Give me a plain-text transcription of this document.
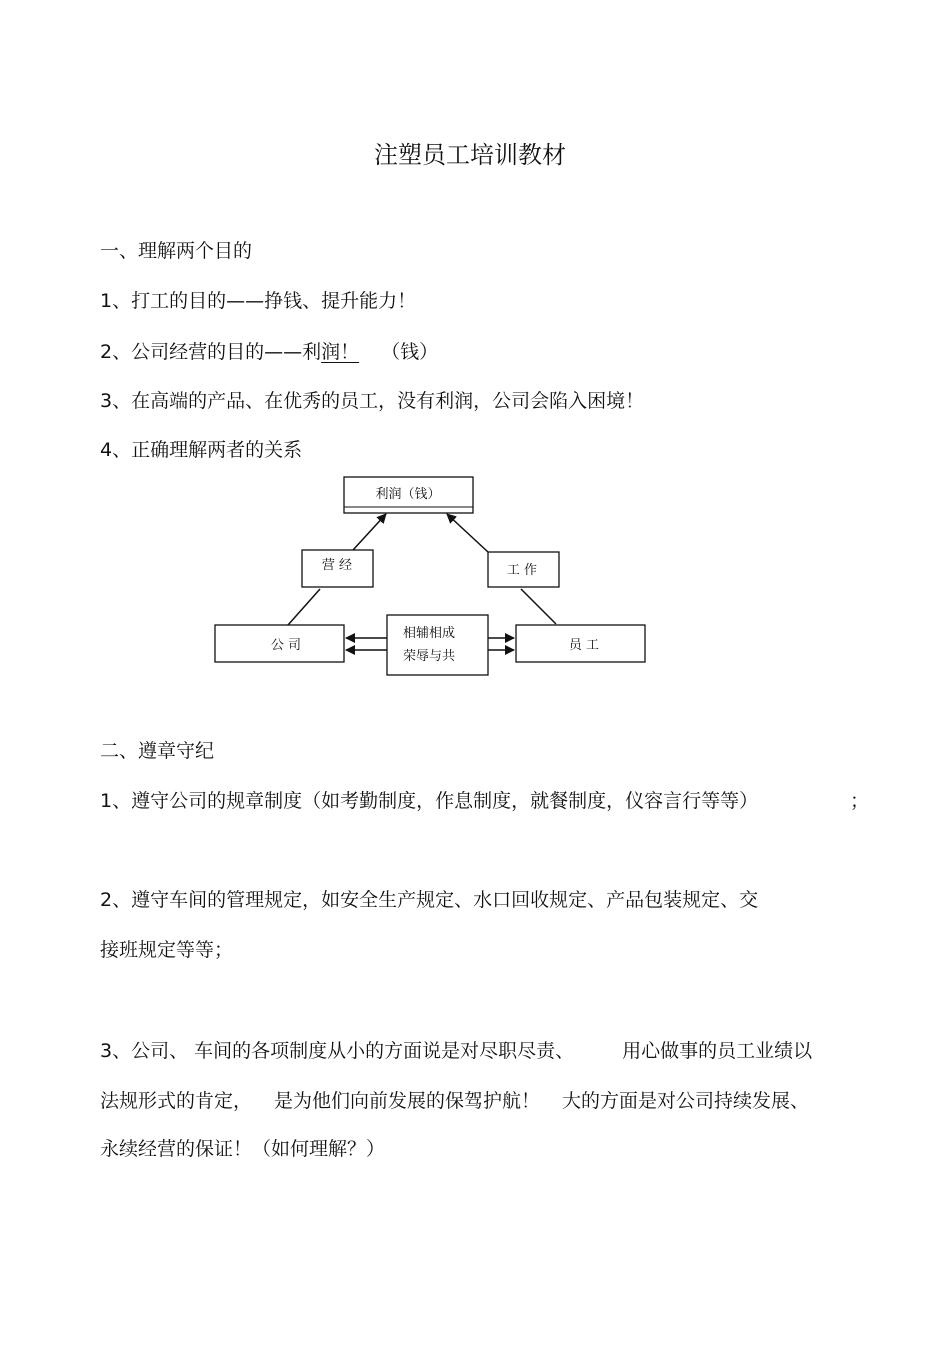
注塑员工培训教材
一、理解两个目的
1、打工的目的——挣钱、提升能力！
2、公司经营的目的——利润！ （钱）
3、在高端的产品、在优秀的员工，没有利润，公司会陷入困境！
4、正确理解两者的关系
利润（钱）
营 经	工 作
公 司	员 工
相辅相成
荣辱与共
二、遵章守纪
1、遵守公司的规章制度（如考勤制度，作息制度，就餐制度，仪容言行等等）	；
2、遵守车间的管理规定，如安全生产规定、水口回收规定、产品包装规定、交
接班规定等等；
3、公司、 车间的各项制度从小的方面说是对尽职尽责、	用心做事的员工业绩以
法规形式的肯定， 是为他们向前发展的保驾护航！ 大的方面是对公司持续发展、
永续经营的保证！（如何理解？）
